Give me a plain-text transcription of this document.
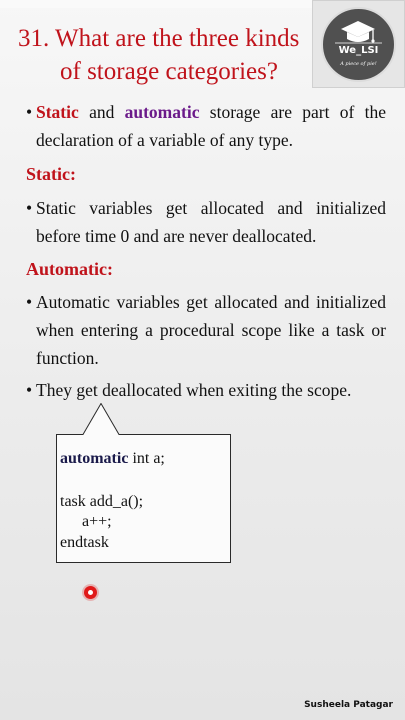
31. What are the three kinds
of storage categories?
We_LSI
A piece of pie!
• Static and automatic storage are part of the declaration of a variable of any type.
Static:
• Static variables get allocated and initialized before time 0 and are never deallocated.
Automatic:
• Automatic variables get allocated and initialized when entering a procedural scope like a task or function.
• They get deallocated when exiting the scope.
automatic int a;
task add_a();
a++;
endtask
Susheela Patagar
